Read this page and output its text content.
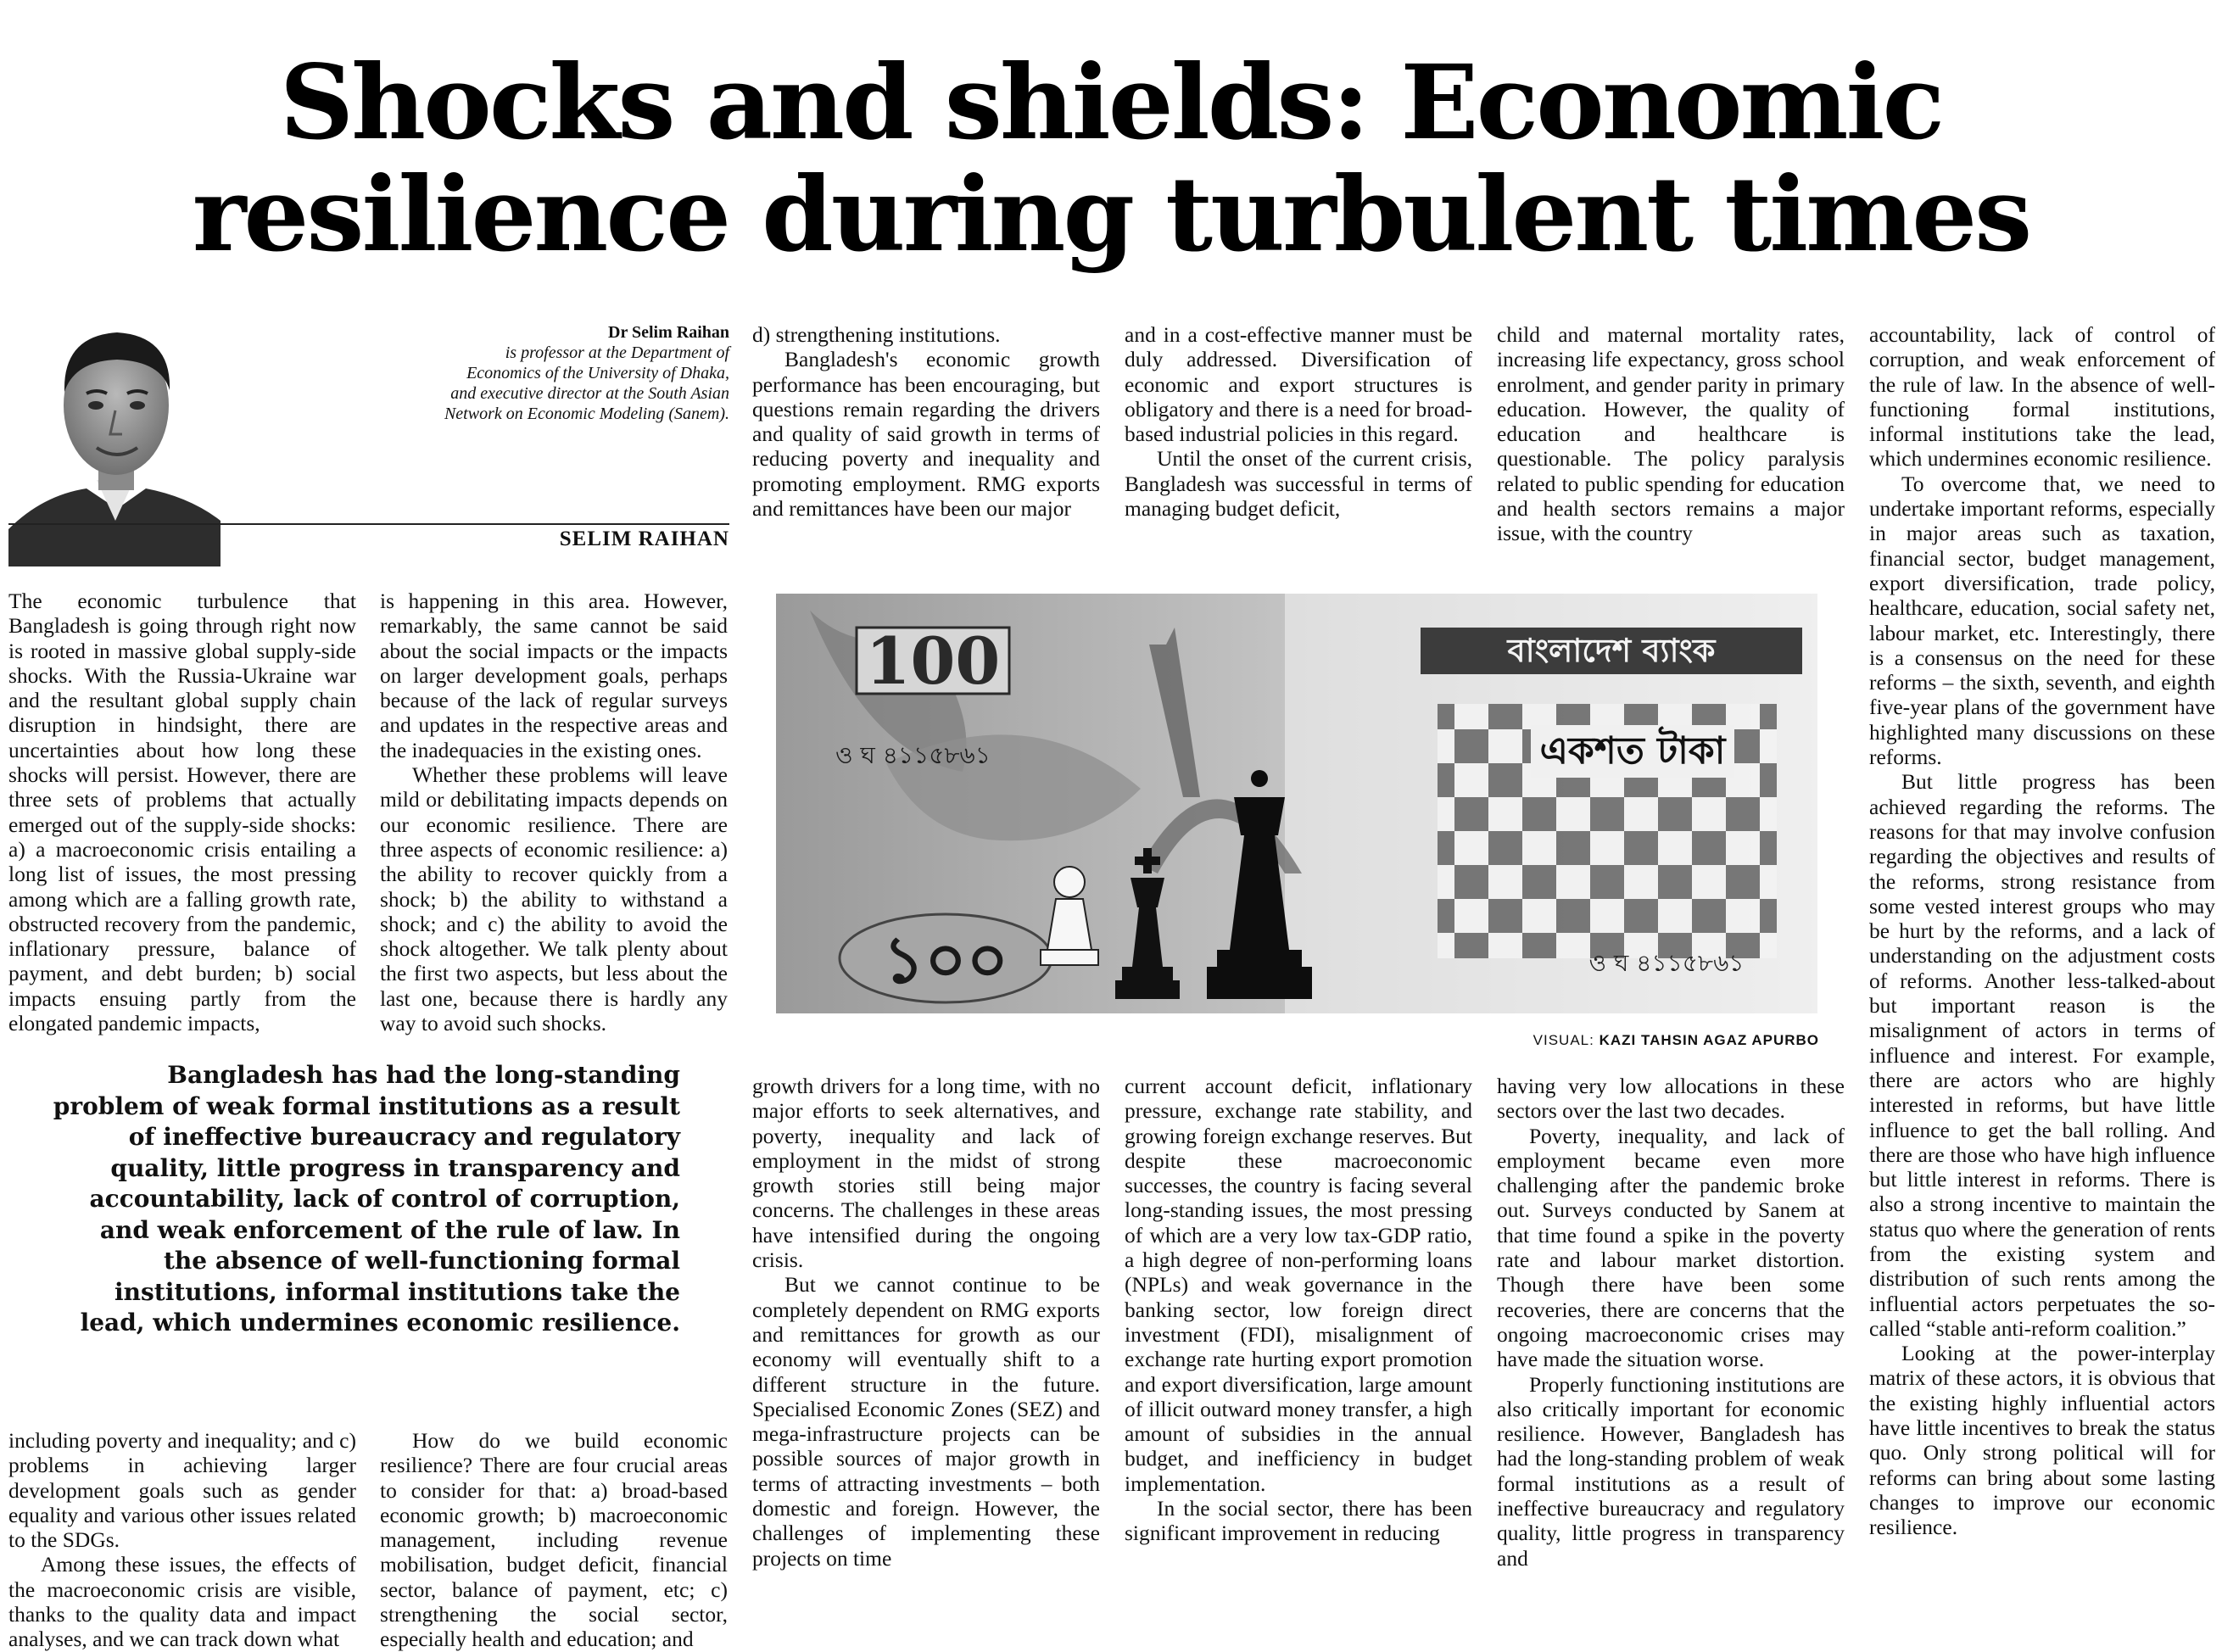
Shocks and shields: Economic
resilience during turbulent times
Dr Selim Raihan
is professor at the Department of
Economics of the University of Dhaka,
and executive director at the South Asian
Network on Economic Modeling (Sanem).
SELIM RAIHAN

The economic turbulence that Bangladesh is going through right now is rooted in massive global supply-side shocks. With the Russia-Ukraine war and the resultant global supply chain disruption in hindsight, there are uncertainties about how long these shocks will persist. However, there are three sets of problems that actually emerged out of the supply-side shocks: a) a macroeconomic crisis entailing a long list of issues, the most pressing among which are a falling growth rate, obstructed recovery from the pandemic, inflationary pressure, balance of payment, and debt burden; b) social impacts ensuing partly from the elongated pandemic impacts,

including poverty and inequality; and c) problems in achieving larger development goals such as gender equality and various other issues related to the SDGs.

Among these issues, the effects of the macroeconomic crisis are visible, thanks to the quality data and impact analyses, and we can track down what

is happening in this area. However, remarkably, the same cannot be said about the social impacts or the impacts on larger development goals, perhaps because of the lack of regular surveys and updates in the respective areas and the inadequacies in the existing ones.

Whether these problems will leave mild or debilitating impacts depends on our economic resilience. There are three aspects of economic resilience: a) the ability to recover quickly from a shock; b) the ability to withstand a shock; and c) the ability to avoid the shock altogether. We talk plenty about the first two aspects, but less about the last one, because there is hardly any way to avoid such shocks.

How do we build economic resilience? There are four crucial areas to consider for that: a) broad-based economic growth; b) macroeconomic management, including revenue mobilisation, budget deficit, financial sector, balance of payment, etc; c) strengthening the social sector, especially health and education; and

d) strengthening institutions.

Bangladesh's economic growth performance has been encouraging, but questions remain regarding the drivers and quality of said growth in terms of reducing poverty and inequality and promoting employment. RMG exports and remittances have been our major

growth drivers for a long time, with no major efforts to seek alternatives, and poverty, inequality and lack of employment in the midst of strong growth stories still being major concerns. The challenges in these areas have intensified during the ongoing crisis.

But we cannot continue to be completely dependent on RMG exports and remittances for growth as our economy will eventually shift to a different structure in the future. Specialised Economic Zones (SEZ) and mega-infrastructure projects can be possible sources of major growth in terms of attracting investments – both domestic and foreign. However, the challenges of implementing these projects on time

and in a cost-effective manner must be duly addressed. Diversification of economic and export structures is obligatory and there is a need for broad-based industrial policies in this regard.

Until the onset of the current crisis, Bangladesh was successful in terms of managing budget deficit,

current account deficit, inflationary pressure, exchange rate stability, and growing foreign exchange reserves. But despite these macroeconomic successes, the country is facing several long-standing issues, the most pressing of which are a very low tax-GDP ratio, a high degree of non-performing loans (NPLs) and weak governance in the banking sector, low foreign direct investment (FDI), misalignment of exchange rate hurting export promotion and export diversification, large amount of illicit outward money transfer, a high amount of subsidies in the annual budget, and inefficiency in budget implementation.

In the social sector, there has been significant improvement in reducing

child and maternal mortality rates, increasing life expectancy, gross school enrolment, and gender parity in primary education. However, the quality of education and healthcare is questionable. The policy paralysis related to public spending for education and health sectors remains a major issue, with the country

having very low allocations in these sectors over the last two decades.

Poverty, inequality, and lack of employment became even more challenging after the pandemic broke out. Surveys conducted by Sanem at that time found a spike in the poverty rate and labour market distortion. Though there have been some recoveries, there are concerns that the ongoing macroeconomic crises may have made the situation worse.

Properly functioning institutions are also critically important for economic resilience. However, Bangladesh has had the long-standing problem of weak formal institutions as a result of ineffective bureaucracy and regulatory quality, little progress in transparency and

accountability, lack of control of corruption, and weak enforcement of the rule of law. In the absence of well-functioning formal institutions, informal institutions take the lead, which undermines economic resilience.

To overcome that, we need to undertake important reforms, especially in major areas such as taxation, financial sector, budget management, export diversification, trade policy, healthcare, education, social safety net, labour market, etc. Interestingly, there is a consensus on the need for these reforms – the sixth, seventh, and eighth five-year plans of the government have highlighted many discussions on these reforms.

But little progress has been achieved regarding the reforms. The reasons for that may involve confusion regarding the objectives and results of the reforms, strong resistance from some vested interest groups who may be hurt by the reforms, and a lack of understanding on the adjustment costs of reforms. Another less-talked-about but important reason is the misalignment of actors in terms of influence and interest. For example, there are actors who are highly interested in reforms, but have little influence to get the ball rolling. And there are those who have high influence but little interest in reforms. There is also a strong incentive to maintain the status quo where the generation of rents from the existing system and distribution of such rents among the influential actors perpetuates the so-called “stable anti-reform coalition.”

Looking at the power-interplay matrix of these actors, it is obvious that the existing highly influential actors have little incentives to break the status quo. Only strong political will for reforms can bring about some lasting changes to improve our economic resilience.

বাংলাদেশ ব্যাংক
একশত টাকা
ও ঘ ৪১১৫৮৬১
100
ও ঘ ৪১১৫৮৬১
১০০
VISUAL: KAZI TAHSIN AGAZ APURBO
Bangladesh has had the long-standing problem of weak formal institutions as a result of ineffective bureaucracy and regulatory quality, little progress in transparency and accountability, lack of control of corruption, and weak enforcement of the rule of law. In the absence of well-functioning formal institutions, informal institutions take the lead, which undermines economic resilience.
